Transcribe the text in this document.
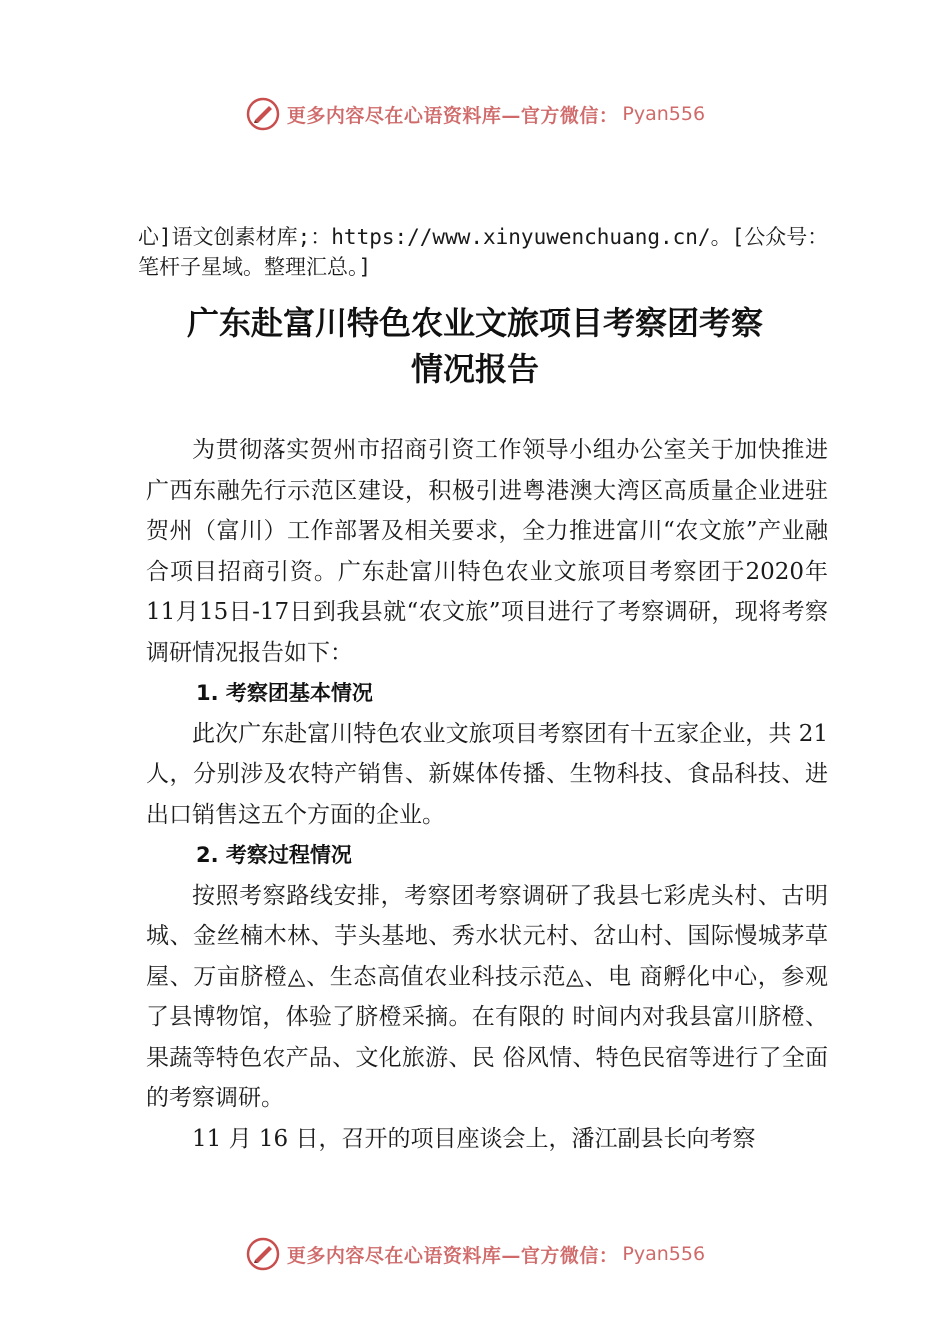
更多内容尽在心语资料库—官方微信： Pyan556
心]语文创素材库;：https://www.xinyuwenchuang.cn/。[公众号：笔杆子星域。整理汇总。]
广东赴富川特色农业文旅项目考察团考察
情况报告

为贯彻落实贺州市招商引资工作领导小组办公室关于加快推进广西东融先行示范区建设，积极引进粤港澳大湾区高质量企业进驻贺州（富川）工作部署及相关要求，全力推进富川“农文旅”产业融合项目招商引资。广东赴富川特色农业文旅项目考察团于2020年11月15日-17日到我县就“农文旅”项目进行了考察调研，现将考察调研情况报告如下：

1. 考察团基本情况

此次广东赴富川特色农业文旅项目考察团有十五家企业，共 21 人，分别涉及农特产销售、新媒体传播、生物科技、食品科技、进出口销售这五个方面的企业。

2. 考察过程情况

按照考察路线安排，考察团考察调研了我县七彩虎头村、古明城、金丝楠木林、芋头基地、秀水状元村、岔山村、国际慢城茅草屋、万亩脐橙◬、生态高值农业科技示范◬、电 商孵化中心，参观了县博物馆，体验了脐橙采摘。在有限的 时间内对我县富川脐橙、果蔬等特色农产品、文化旅游、民 俗风情、特色民宿等进行了全面的考察调研。

11 月 16 日，召开的项目座谈会上，潘江副县长向考察

更多内容尽在心语资料库—官方微信： Pyan556
